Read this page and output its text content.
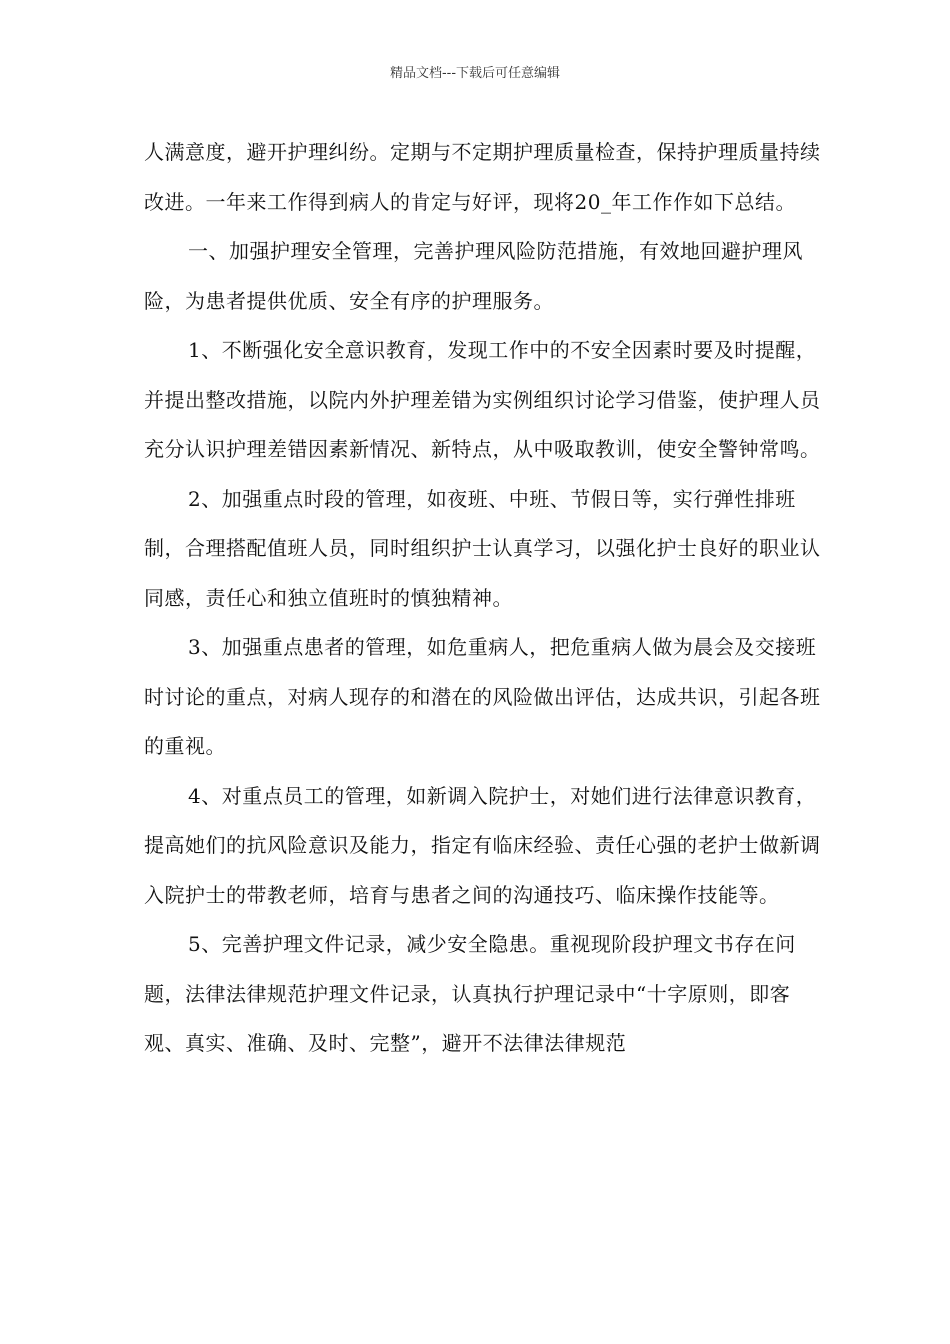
精品文档---下载后可任意编辑

人满意度，避开护理纠纷。定期与不定期护理质量检查，保持护理质量持续改进。一年来工作得到病人的肯定与好评，现将20_年工作作如下总结。

一、加强护理安全管理，完善护理风险防范措施，有效地回避护理风险，为患者提供优质、安全有序的护理服务。

1、不断强化安全意识教育，发现工作中的不安全因素时要及时提醒，并提出整改措施，以院内外护理差错为实例组织讨论学习借鉴，使护理人员充分认识护理差错因素新情况、新特点，从中吸取教训，使安全警钟常鸣。

2、加强重点时段的管理，如夜班、中班、节假日等，实行弹性排班制，合理搭配值班人员，同时组织护士认真学习，以强化护士良好的职业认同感，责任心和独立值班时的慎独精神。

3、加强重点患者的管理，如危重病人，把危重病人做为晨会及交接班时讨论的重点，对病人现存的和潜在的风险做出评估，达成共识，引起各班的重视。

4、对重点员工的管理，如新调入院护士，对她们进行法律意识教育，提高她们的抗风险意识及能力，指定有临床经验、责任心强的老护士做新调入院护士的带教老师，培育与患者之间的沟通技巧、临床操作技能等。

5、完善护理文件记录，减少安全隐患。重视现阶段护理文书存在问题，法律法律规范护理文件记录，认真执行护理记录中“十字原则，即客观、真实、准确、及时、完整”，避开不法律法律规范
